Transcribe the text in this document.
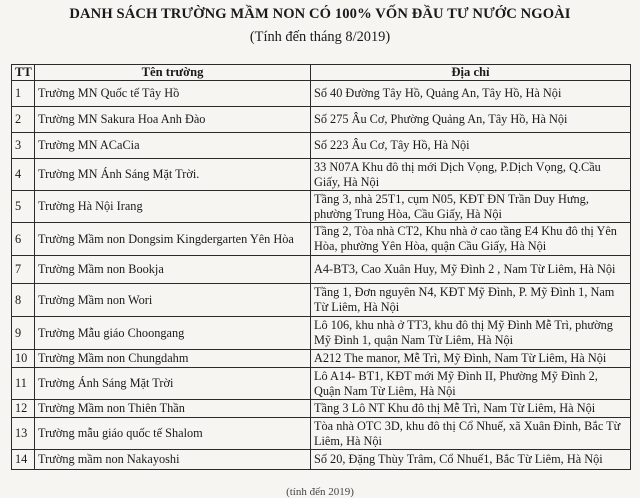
DANH SÁCH TRƯỜNG MẦM NON CÓ 100% VỐN ĐẦU TƯ NƯỚC NGOÀI
(Tính đến tháng 8/2019)
TT	Tên trường	Địa chỉ
1	Trường MN Quốc tế Tây Hồ	Số 40 Đường Tây Hồ, Quảng An, Tây Hồ, Hà Nội
2	Trường MN Sakura Hoa Anh Đào	Số 275 Âu Cơ, Phường Quảng An, Tây Hồ, Hà Nội
3	Trường MN ACaCia	Số 223 Âu Cơ, Tây Hồ, Hà Nội
4	Trường MN Ánh Sáng Mặt Trời.	33 N07A Khu đô thị mới Dịch Vọng, P.Dịch Vọng, Q.Cầu Giấy, Hà Nội
5	Trường Hà Nội Irang	Tầng 3, nhà 25T1, cụm N05, KĐT ĐN Trần Duy Hưng, phường Trung Hòa, Cầu Giấy, Hà Nội
6	Trường Mầm non Dongsim Kingdergarten Yên Hòa	Tầng 2, Tòa nhà CT2, Khu nhà ở cao tầng E4 Khu đô thị Yên Hòa, phường Yên Hòa, quận Cầu Giấy, Hà Nội
7	Trường Mầm non Bookja	A4-BT3, Cao Xuân Huy, Mỹ Đình 2 , Nam Từ Liêm, Hà Nội
8	Trường Mầm non Wori	Tầng 1, Đơn nguyên N4, KĐT Mỹ Đình, P. Mỹ Đình 1, Nam Từ Liêm, Hà Nội
9	Trường Mẫu giáo Choongang	Lô 106, khu nhà ở TT3, khu đô thị Mỹ Đình Mễ Trì, phường Mỹ Đình 1, quận Nam Từ Liêm, Hà Nội
10	Trường Mầm non Chungdahm	A212 The manor, Mễ Trì, Mỹ Đình, Nam Từ Liêm, Hà Nội
11	Trường Ánh Sáng Mặt Trời	Lô A14- BT1, KĐT mới Mỹ Đình II, Phường Mỹ Đình 2, Quận Nam Từ Liêm, Hà Nội
12	Trường Mầm non Thiên Thần	Tầng 3 Lô NT Khu đô thị Mễ Trì, Nam Từ Liêm, Hà Nội
13	Trường mẫu giáo quốc tế Shalom	Tòa nhà OTC 3D, khu đô thị Cổ Nhuế, xã Xuân Đỉnh, Bắc Từ Liêm, Hà Nội
14	Trường mầm non Nakayoshi	Số 20, Đặng Thùy Trâm, Cổ Nhuế1, Bắc Từ Liêm, Hà Nội
(tính đến 2019)
